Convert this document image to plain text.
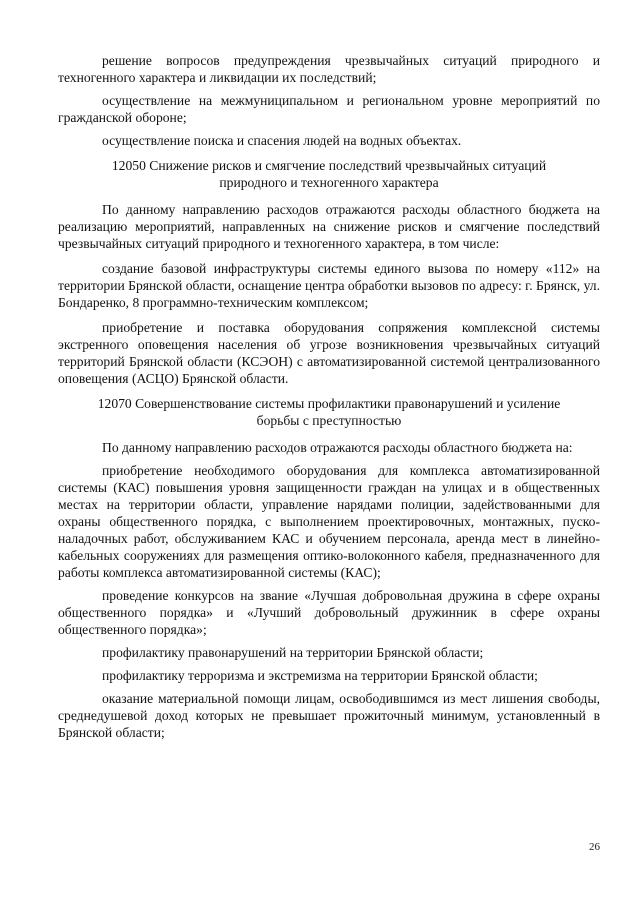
решение вопросов предупреждения чрезвычайных ситуаций природного и техногенного характера и ликвидации их последствий;

осуществление на межмуниципальном и региональном уровне мероприятий по гражданской обороне;

осуществление поиска и спасения людей на водных объектах.

12050 Снижение рисков и смягчение последствий чрезвычайных ситуаций природного и техногенного характера

По данному направлению расходов отражаются расходы областного бюджета на реализацию мероприятий, направленных на снижение рисков и смягчение последствий чрезвычайных ситуаций природного и техногенного характера, в том числе:

создание базовой инфраструктуры системы единого вызова по номеру «112» на территории Брянской области, оснащение центра обработки вызовов по адресу: г. Брянск, ул. Бондаренко, 8 программно-техническим комплексом;

приобретение и поставка оборудования сопряжения комплексной системы экстренного оповещения населения об угрозе возникновения чрезвычайных ситуаций территорий Брянской области (КСЭОН) с автоматизированной системой централизованного оповещения (АСЦО) Брянской области.

12070 Совершенствование системы профилактики правонарушений и усиление борьбы с преступностью

По данному направлению расходов отражаются расходы областного бюджета на:

приобретение необходимого оборудования для комплекса автоматизированной системы (КАС) повышения уровня защищенности граждан на улицах и в общественных местах на территории области, управление нарядами полиции, задействованными для охраны общественного порядка, с выполнением проектировочных, монтажных, пуско-наладочных работ, обслуживанием КАС и обучением персонала, аренда мест в линейно-кабельных сооружениях для размещения оптико-волоконного кабеля, предназначенного для работы комплекса автоматизированной системы (КАС);

проведение конкурсов на звание «Лучшая добровольная дружина в сфере охраны общественного порядка» и «Лучший добровольный дружинник в сфере охраны общественного порядка»;

профилактику правонарушений на территории Брянской области;

профилактику терроризма и экстремизма на территории Брянской области;

оказание материальной помощи лицам, освободившимся из мест лишения свободы, среднедушевой доход которых не превышает прожиточный минимум, установленный в Брянской области;

26
